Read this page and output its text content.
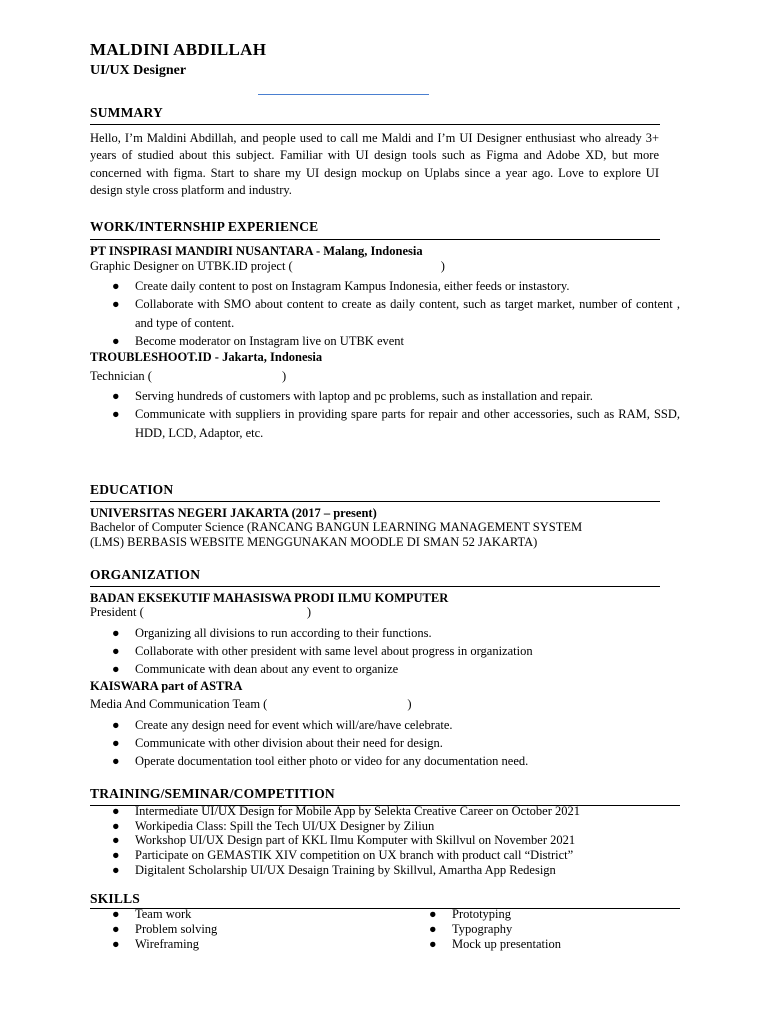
MALDINI ABDILLAH
UI/UX Designer
SUMMARY
Hello, I’m Maldini Abdillah, and people used to call me Maldi and I’m UI Designer enthusiast who already 3+ years of studied about this subject. Familiar with UI design tools such as Figma and Adobe XD, but more concerned with figma. Start to share my UI design mockup on Uplabs since a year ago. Love to explore UI design style cross platform and industry.
WORK/INTERNSHIP EXPERIENCE
PT INSPIRASI MANDIRI NUSANTARA - Malang, Indonesia
Graphic Designer on UTBK.ID project (	)
● Create daily content to post on Instagram Kampus Indonesia, either feeds or instastory.
● Collaborate with SMO about content to create as daily content, such as target market, number of content , and type of content.
● Become moderator on Instagram live on UTBK event
TROUBLESHOOT.ID - Jakarta, Indonesia
Technician (	)
● Serving hundreds of customers with laptop and pc problems, such as installation and repair.
● Communicate with suppliers in providing spare parts for repair and other accessories, such as RAM, SSD, HDD, LCD, Adaptor, etc.
EDUCATION
UNIVERSITAS NEGERI JAKARTA (2017 – present)
Bachelor of Computer Science (RANCANG BANGUN LEARNING MANAGEMENT SYSTEM
(LMS) BERBASIS WEBSITE MENGGUNAKAN MOODLE DI SMAN 52 JAKARTA)
ORGANIZATION
BADAN EKSEKUTIF MAHASISWA PRODI ILMU KOMPUTER
President (	)
● Organizing all divisions to run according to their functions.
● Collaborate with other president with same level about progress in organization
● Communicate with dean about any event to organize
KAISWARA part of ASTRA
Media And Communication Team (	)
● Create any design need for event which will/are/have celebrate.
● Communicate with other division about their need for design.
● Operate documentation tool either photo or video for any documentation need.
TRAINING/SEMINAR/COMPETITION
● Intermediate UI/UX Design for Mobile App by Selekta Creative Career on October 2021
● Workipedia Class: Spill the Tech UI/UX Designer by Ziliun
● Workshop UI/UX Design part of KKL Ilmu Komputer with Skillvul on November 2021
● Participate on GEMASTIK XIV competition on UX branch with product call “District”
● Digitalent Scholarship UI/UX Desaign Training by Skillvul, Amartha App Redesign
SKILLS
● Team work
● Problem solving
● Wireframing
● Prototyping
● Typography
● Mock up presentation
